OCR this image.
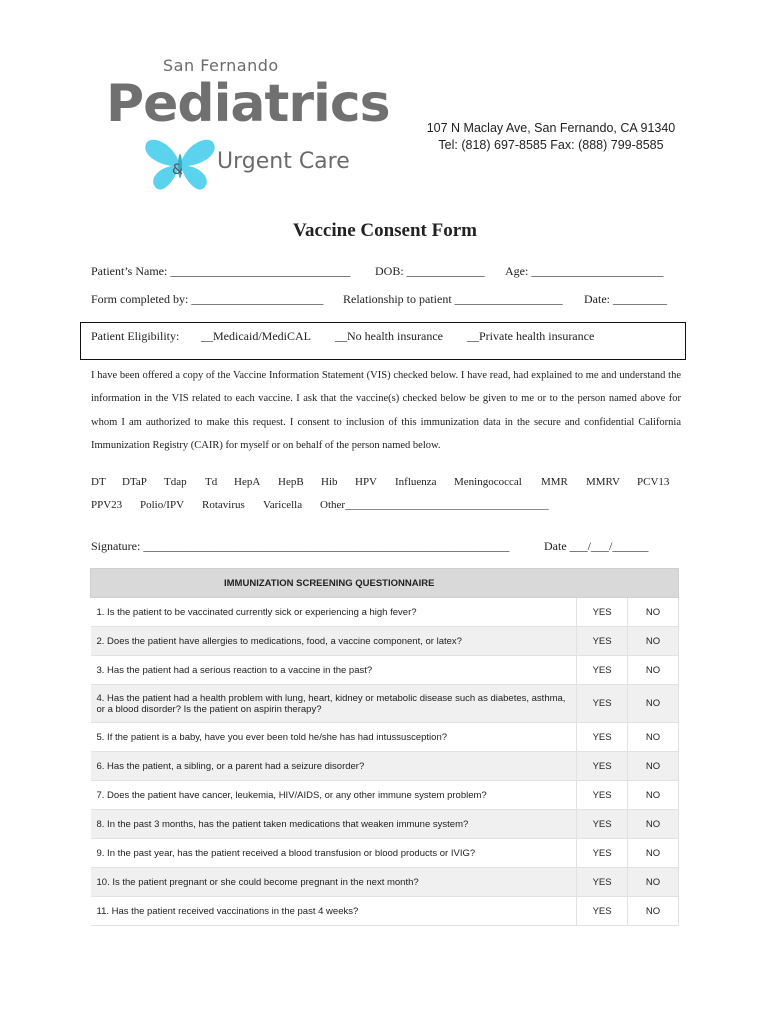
San Fernando
Pediatrics
& Urgent Care
107 N Maclay Ave, San Fernando, CA 91340
Tel: (818) 697-8585 Fax: (888) 799-8585
Vaccine Consent Form
Patient’s Name: ______________________________ DOB: _____________ Age: ______________________
Form completed by: ______________________ Relationship to patient __________________ Date: _________
Patient Eligibility: __Medicaid/MediCAL __No health insurance __Private health insurance
I have been offered a copy of the Vaccine Information Statement (VIS) checked below. I have read, had explained to me and understand the information in the VIS related to each vaccine. I ask that the vaccine(s) checked below be given to me or to the person named above for whom I am authorized to make this request. I consent to inclusion of this immunization data in the secure and confidential California Immunization Registry (CAIR) for myself or on behalf of the person named below.
DT DTaP Tdap Td HepA HepB Hib HPV Influenza Meningococcal MMR MMRV PCV13
PPV23 Polio/IPV Rotavirus Varicella Other_____________________________________
Signature: _____________________________________________________________	Date ___/___/______
IMMUNIZATION SCREENING QUESTIONNAIRE		
1. Is the patient to be vaccinated currently sick or experiencing a high fever?	YES	NO
2. Does the patient have allergies to medications, food, a vaccine component, or latex?	YES	NO
3. Has the patient had a serious reaction to a vaccine in the past?	YES	NO
4. Has the patient had a health problem with lung, heart, kidney or metabolic disease such as diabetes, asthma, or a blood disorder? Is the patient on aspirin therapy?	YES	NO
5. If the patient is a baby, have you ever been told he/she has had intussusception?	YES	NO
6. Has the patient, a sibling, or a parent had a seizure disorder?	YES	NO
7. Does the patient have cancer, leukemia, HIV/AIDS, or any other immune system problem?	YES	NO
8. In the past 3 months, has the patient taken medications that weaken immune system?	YES	NO
9. In the past year, has the patient received a blood transfusion or blood products or IVIG?	YES	NO
10. Is the patient pregnant or she could become pregnant in the next month?	YES	NO
11. Has the patient received vaccinations in the past 4 weeks?	YES	NO
